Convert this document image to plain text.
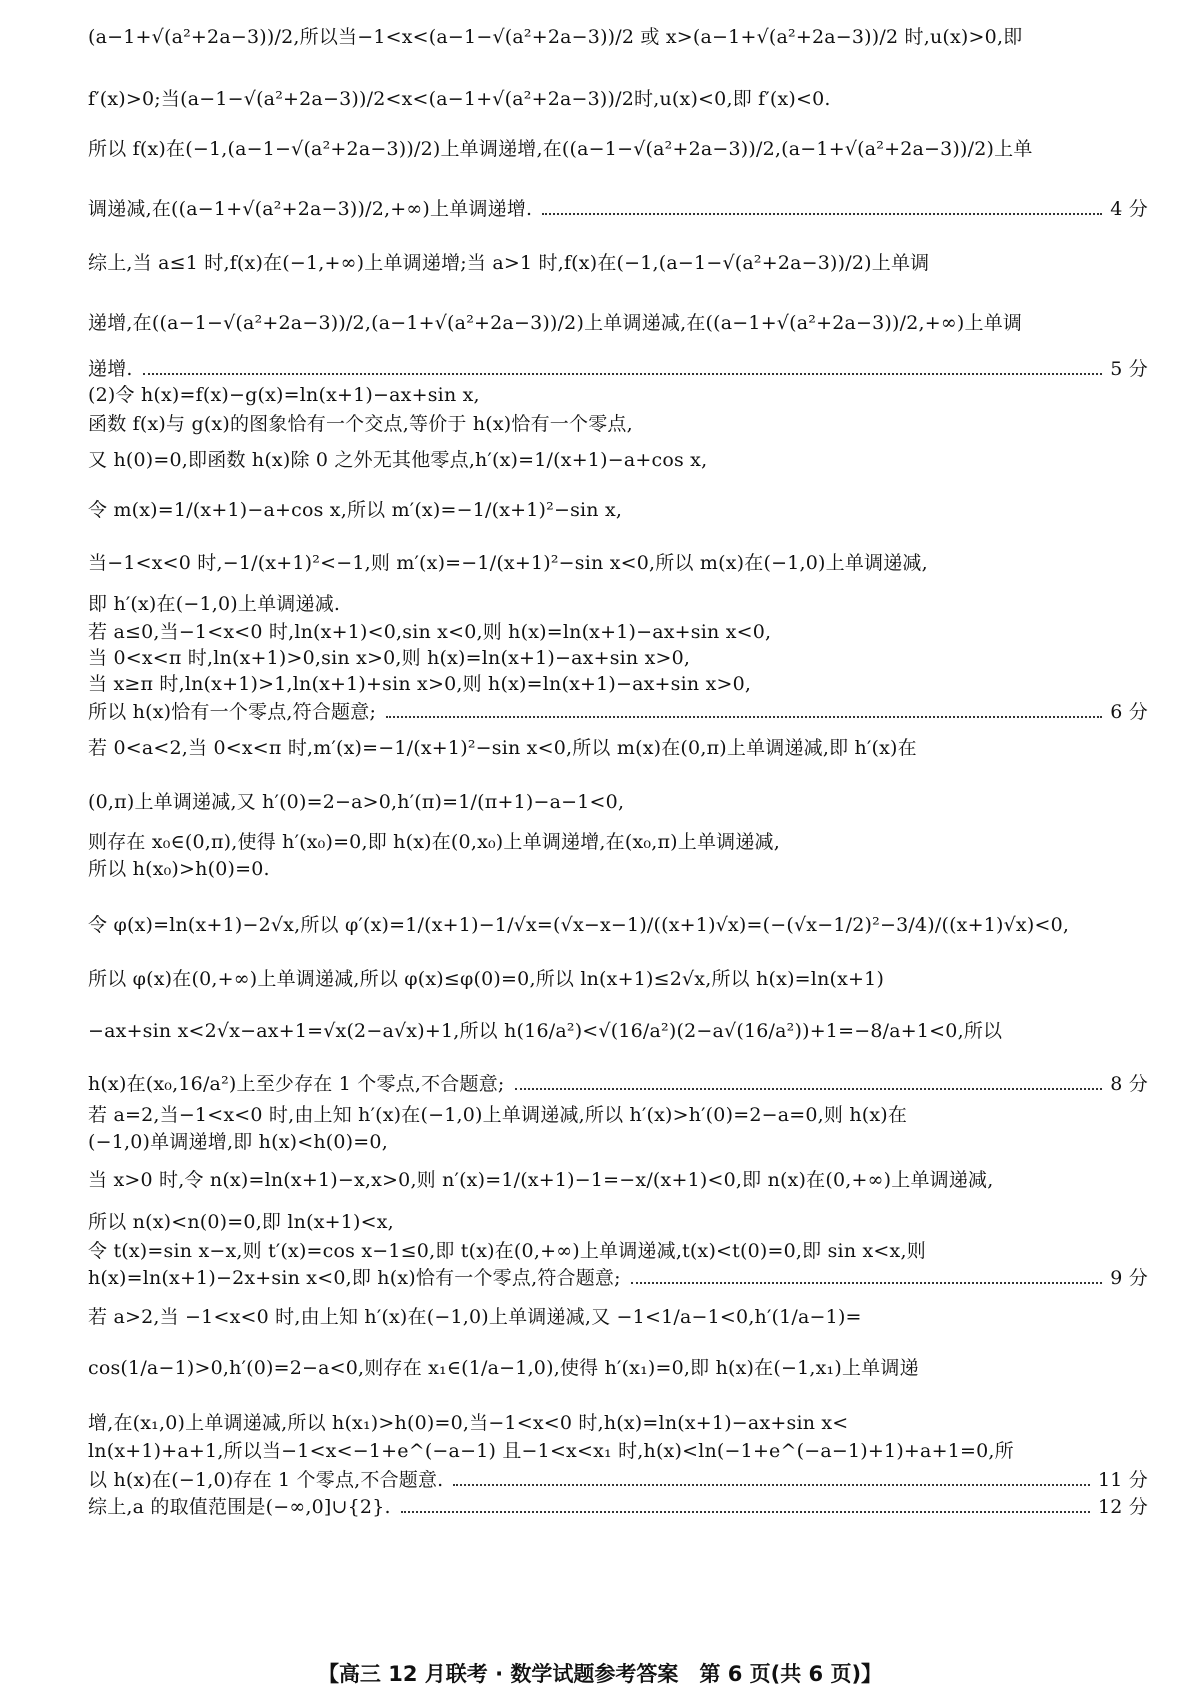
(a−1+√(a²+2a−3))/2,所以当−1<x<(a−1−√(a²+2a−3))/2 或 x>(a−1+√(a²+2a−3))/2 时,u(x)>0,即
f′(x)>0;当(a−1−√(a²+2a−3))/2<x<(a−1+√(a²+2a−3))/2时,u(x)<0,即 f′(x)<0.
所以 f(x)在(−1,(a−1−√(a²+2a−3))/2)上单调递增,在((a−1−√(a²+2a−3))/2,(a−1+√(a²+2a−3))/2)上单
调递减,在((a−1+√(a²+2a−3))/2,+∞)上单调递增.	4 分
综上,当 a≤1 时,f(x)在(−1,+∞)上单调递增;当 a>1 时,f(x)在(−1,(a−1−√(a²+2a−3))/2)上单调
递增,在((a−1−√(a²+2a−3))/2,(a−1+√(a²+2a−3))/2)上单调递减,在((a−1+√(a²+2a−3))/2,+∞)上单调
递增.	5 分
(2)令 h(x)=f(x)−g(x)=ln(x+1)−ax+sin x,
函数 f(x)与 g(x)的图象恰有一个交点,等价于 h(x)恰有一个零点,
又 h(0)=0,即函数 h(x)除 0 之外无其他零点,h′(x)=1/(x+1)−a+cos x,
令 m(x)=1/(x+1)−a+cos x,所以 m′(x)=−1/(x+1)²−sin x,
当−1<x<0 时,−1/(x+1)²<−1,则 m′(x)=−1/(x+1)²−sin x<0,所以 m(x)在(−1,0)上单调递减,
即 h′(x)在(−1,0)上单调递减.
若 a≤0,当−1<x<0 时,ln(x+1)<0,sin x<0,则 h(x)=ln(x+1)−ax+sin x<0,
当 0<x<π 时,ln(x+1)>0,sin x>0,则 h(x)=ln(x+1)−ax+sin x>0,
当 x≥π 时,ln(x+1)>1,ln(x+1)+sin x>0,则 h(x)=ln(x+1)−ax+sin x>0,
所以 h(x)恰有一个零点,符合题意;	6 分
若 0<a<2,当 0<x<π 时,m′(x)=−1/(x+1)²−sin x<0,所以 m(x)在(0,π)上单调递减,即 h′(x)在
(0,π)上单调递减,又 h′(0)=2−a>0,h′(π)=1/(π+1)−a−1<0,
则存在 x₀∈(0,π),使得 h′(x₀)=0,即 h(x)在(0,x₀)上单调递增,在(x₀,π)上单调递减,
所以 h(x₀)>h(0)=0.
令 φ(x)=ln(x+1)−2√x,所以 φ′(x)=1/(x+1)−1/√x=(√x−x−1)/((x+1)√x)=(−(√x−1/2)²−3/4)/((x+1)√x)<0,
所以 φ(x)在(0,+∞)上单调递减,所以 φ(x)≤φ(0)=0,所以 ln(x+1)≤2√x,所以 h(x)=ln(x+1)
−ax+sin x<2√x−ax+1=√x(2−a√x)+1,所以 h(16/a²)<√(16/a²)(2−a√(16/a²))+1=−8/a+1<0,所以
h(x)在(x₀,16/a²)上至少存在 1 个零点,不合题意;	8 分
若 a=2,当−1<x<0 时,由上知 h′(x)在(−1,0)上单调递减,所以 h′(x)>h′(0)=2−a=0,则 h(x)在
(−1,0)单调递增,即 h(x)<h(0)=0,
当 x>0 时,令 n(x)=ln(x+1)−x,x>0,则 n′(x)=1/(x+1)−1=−x/(x+1)<0,即 n(x)在(0,+∞)上单调递减,
所以 n(x)<n(0)=0,即 ln(x+1)<x,
令 t(x)=sin x−x,则 t′(x)=cos x−1≤0,即 t(x)在(0,+∞)上单调递减,t(x)<t(0)=0,即 sin x<x,则
h(x)=ln(x+1)−2x+sin x<0,即 h(x)恰有一个零点,符合题意;	9 分
若 a>2,当 −1<x<0 时,由上知 h′(x)在(−1,0)上单调递减,又 −1<1/a−1<0,h′(1/a−1)=
cos(1/a−1)>0,h′(0)=2−a<0,则存在 x₁∈(1/a−1,0),使得 h′(x₁)=0,即 h(x)在(−1,x₁)上单调递
增,在(x₁,0)上单调递减,所以 h(x₁)>h(0)=0,当−1<x<0 时,h(x)=ln(x+1)−ax+sin x<
ln(x+1)+a+1,所以当−1<x<−1+e^(−a−1) 且−1<x<x₁ 时,h(x)<ln(−1+e^(−a−1)+1)+a+1=0,所
以 h(x)在(−1,0)存在 1 个零点,不合题意.	11 分
综上,a 的取值范围是(−∞,0]∪{2}.	12 分
【高三 12 月联考 · 数学试题参考答案　第 6 页(共 6 页)】
